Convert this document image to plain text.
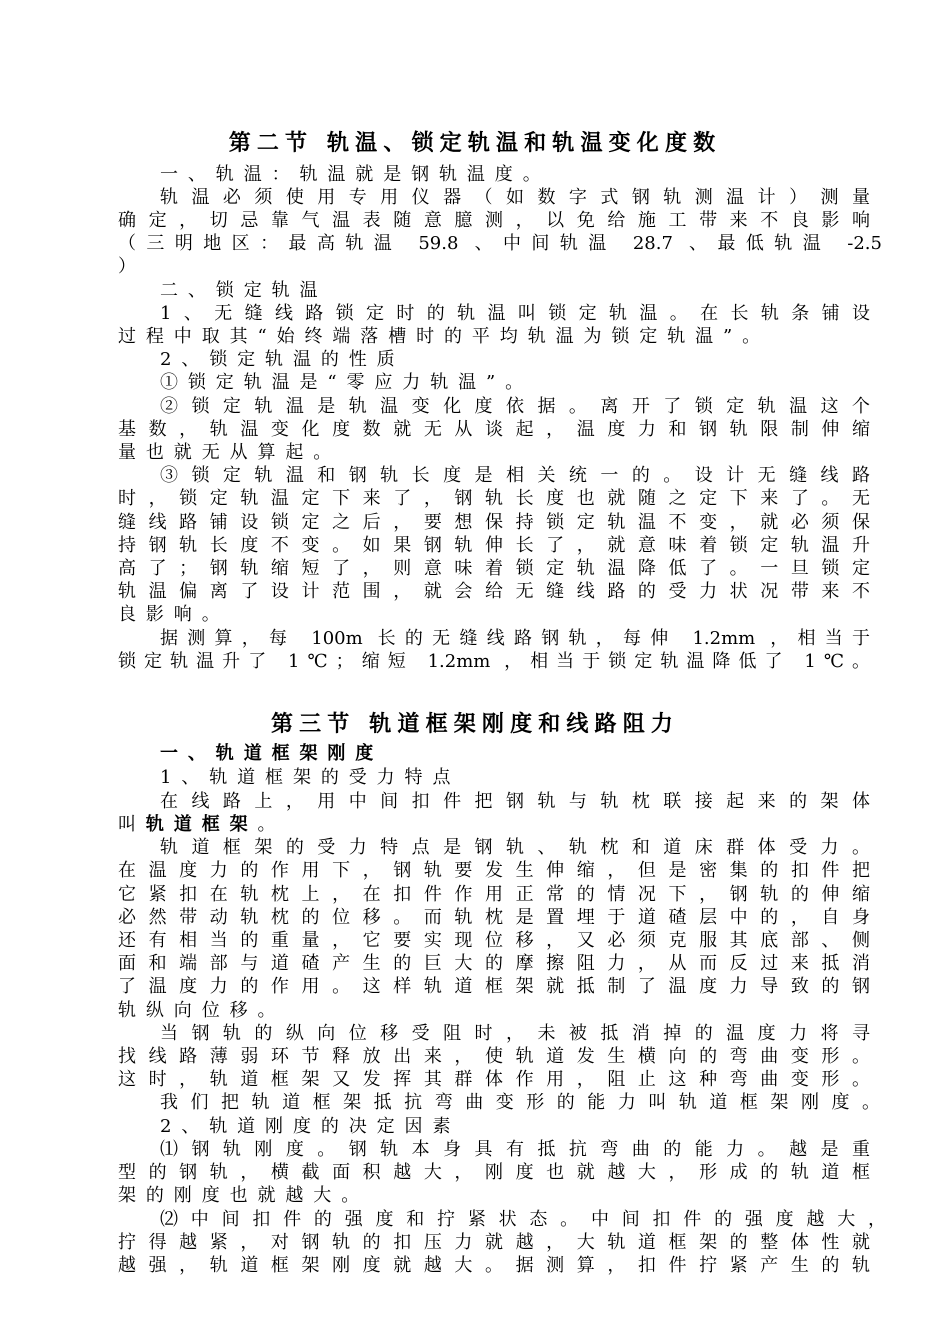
第二节 轨温、锁定轨温和轨温变化度数
一、轨温：轨温就是钢轨温度。
轨温必须使用专用仪器（如数字式钢轨测温计）测量
确定，切忌靠气温表随意臆测，以免给施工带来不良影响
（三明地区：最高轨温 59.8 、中间轨温 28.7 、最低轨温 -2.5
）
二、锁定轨温
1、无缝线路锁定时的轨温叫锁定轨温。在长轨条铺设
过程中取其“始终端落槽时的平均轨温为锁定轨温”。
2、锁定轨温的性质
①锁定轨温是“零应力轨温”。
②锁定轨温是轨温变化度依据。离开了锁定轨温这个
基数，轨温变化度数就无从谈起，温度力和钢轨限制伸缩
量也就无从算起。
③锁定轨温和钢轨长度是相关统一的。设计无缝线路
时，锁定轨温定下来了，钢轨长度也就随之定下来了。无
缝线路铺设锁定之后，要想保持锁定轨温不变，就必须保
持钢轨长度不变。如果钢轨伸长了，就意味着锁定轨温升
高了；钢轨缩短了，则意味着锁定轨温降低了。一旦锁定
轨温偏离了设计范围，就会给无缝线路的受力状况带来不
良影响。
据测算，每 100m 长的无缝线路钢轨，每伸 1.2mm ，相当于
锁定轨温升了 1℃；缩短 1.2mm ，相当于锁定轨温降低了 1℃。
第三节 轨道框架刚度和线路阻力
一、轨道框架刚度
1、轨道框架的受力特点
在线路上，用中间扣件把钢轨与轨枕联接起来的架体
叫轨道框架。
轨道框架的受力特点是钢轨、轨枕和道床群体受力。
在温度力的作用下，钢轨要发生伸缩，但是密集的扣件把
它紧扣在轨枕上，在扣件作用正常的情况下，钢轨的伸缩
必然带动轨枕的位移。而轨枕是置埋于道碴层中的，自身
还有相当的重量，它要实现位移，又必须克服其底部、侧
面和端部与道碴产生的巨大的摩擦阻力，从而反过来抵消
了温度力的作用。这样轨道框架就抵制了温度力导致的钢
轨纵向位移。
当钢轨的纵向位移受阻时，未被抵消掉的温度力将寻
找线路薄弱环节释放出来，使轨道发生横向的弯曲变形。
这时，轨道框架又发挥其群体作用，阻止这种弯曲变形。
我们把轨道框架抵抗弯曲变形的能力叫轨道框架刚度。
2、轨道刚度的决定因素
⑴钢轨刚度。钢轨本身具有抵抗弯曲的能力。越是重
型的钢轨，横截面积越大，刚度也就越大，形成的轨道框
架的刚度也就越大。
⑵中间扣件的强度和拧紧状态。中间扣件的强度越大，
拧得越紧，对钢轨的扣压力就越，大轨道框架的整体性就
越强，轨道框架刚度就越大。据测算，扣件拧紧产生的轨
